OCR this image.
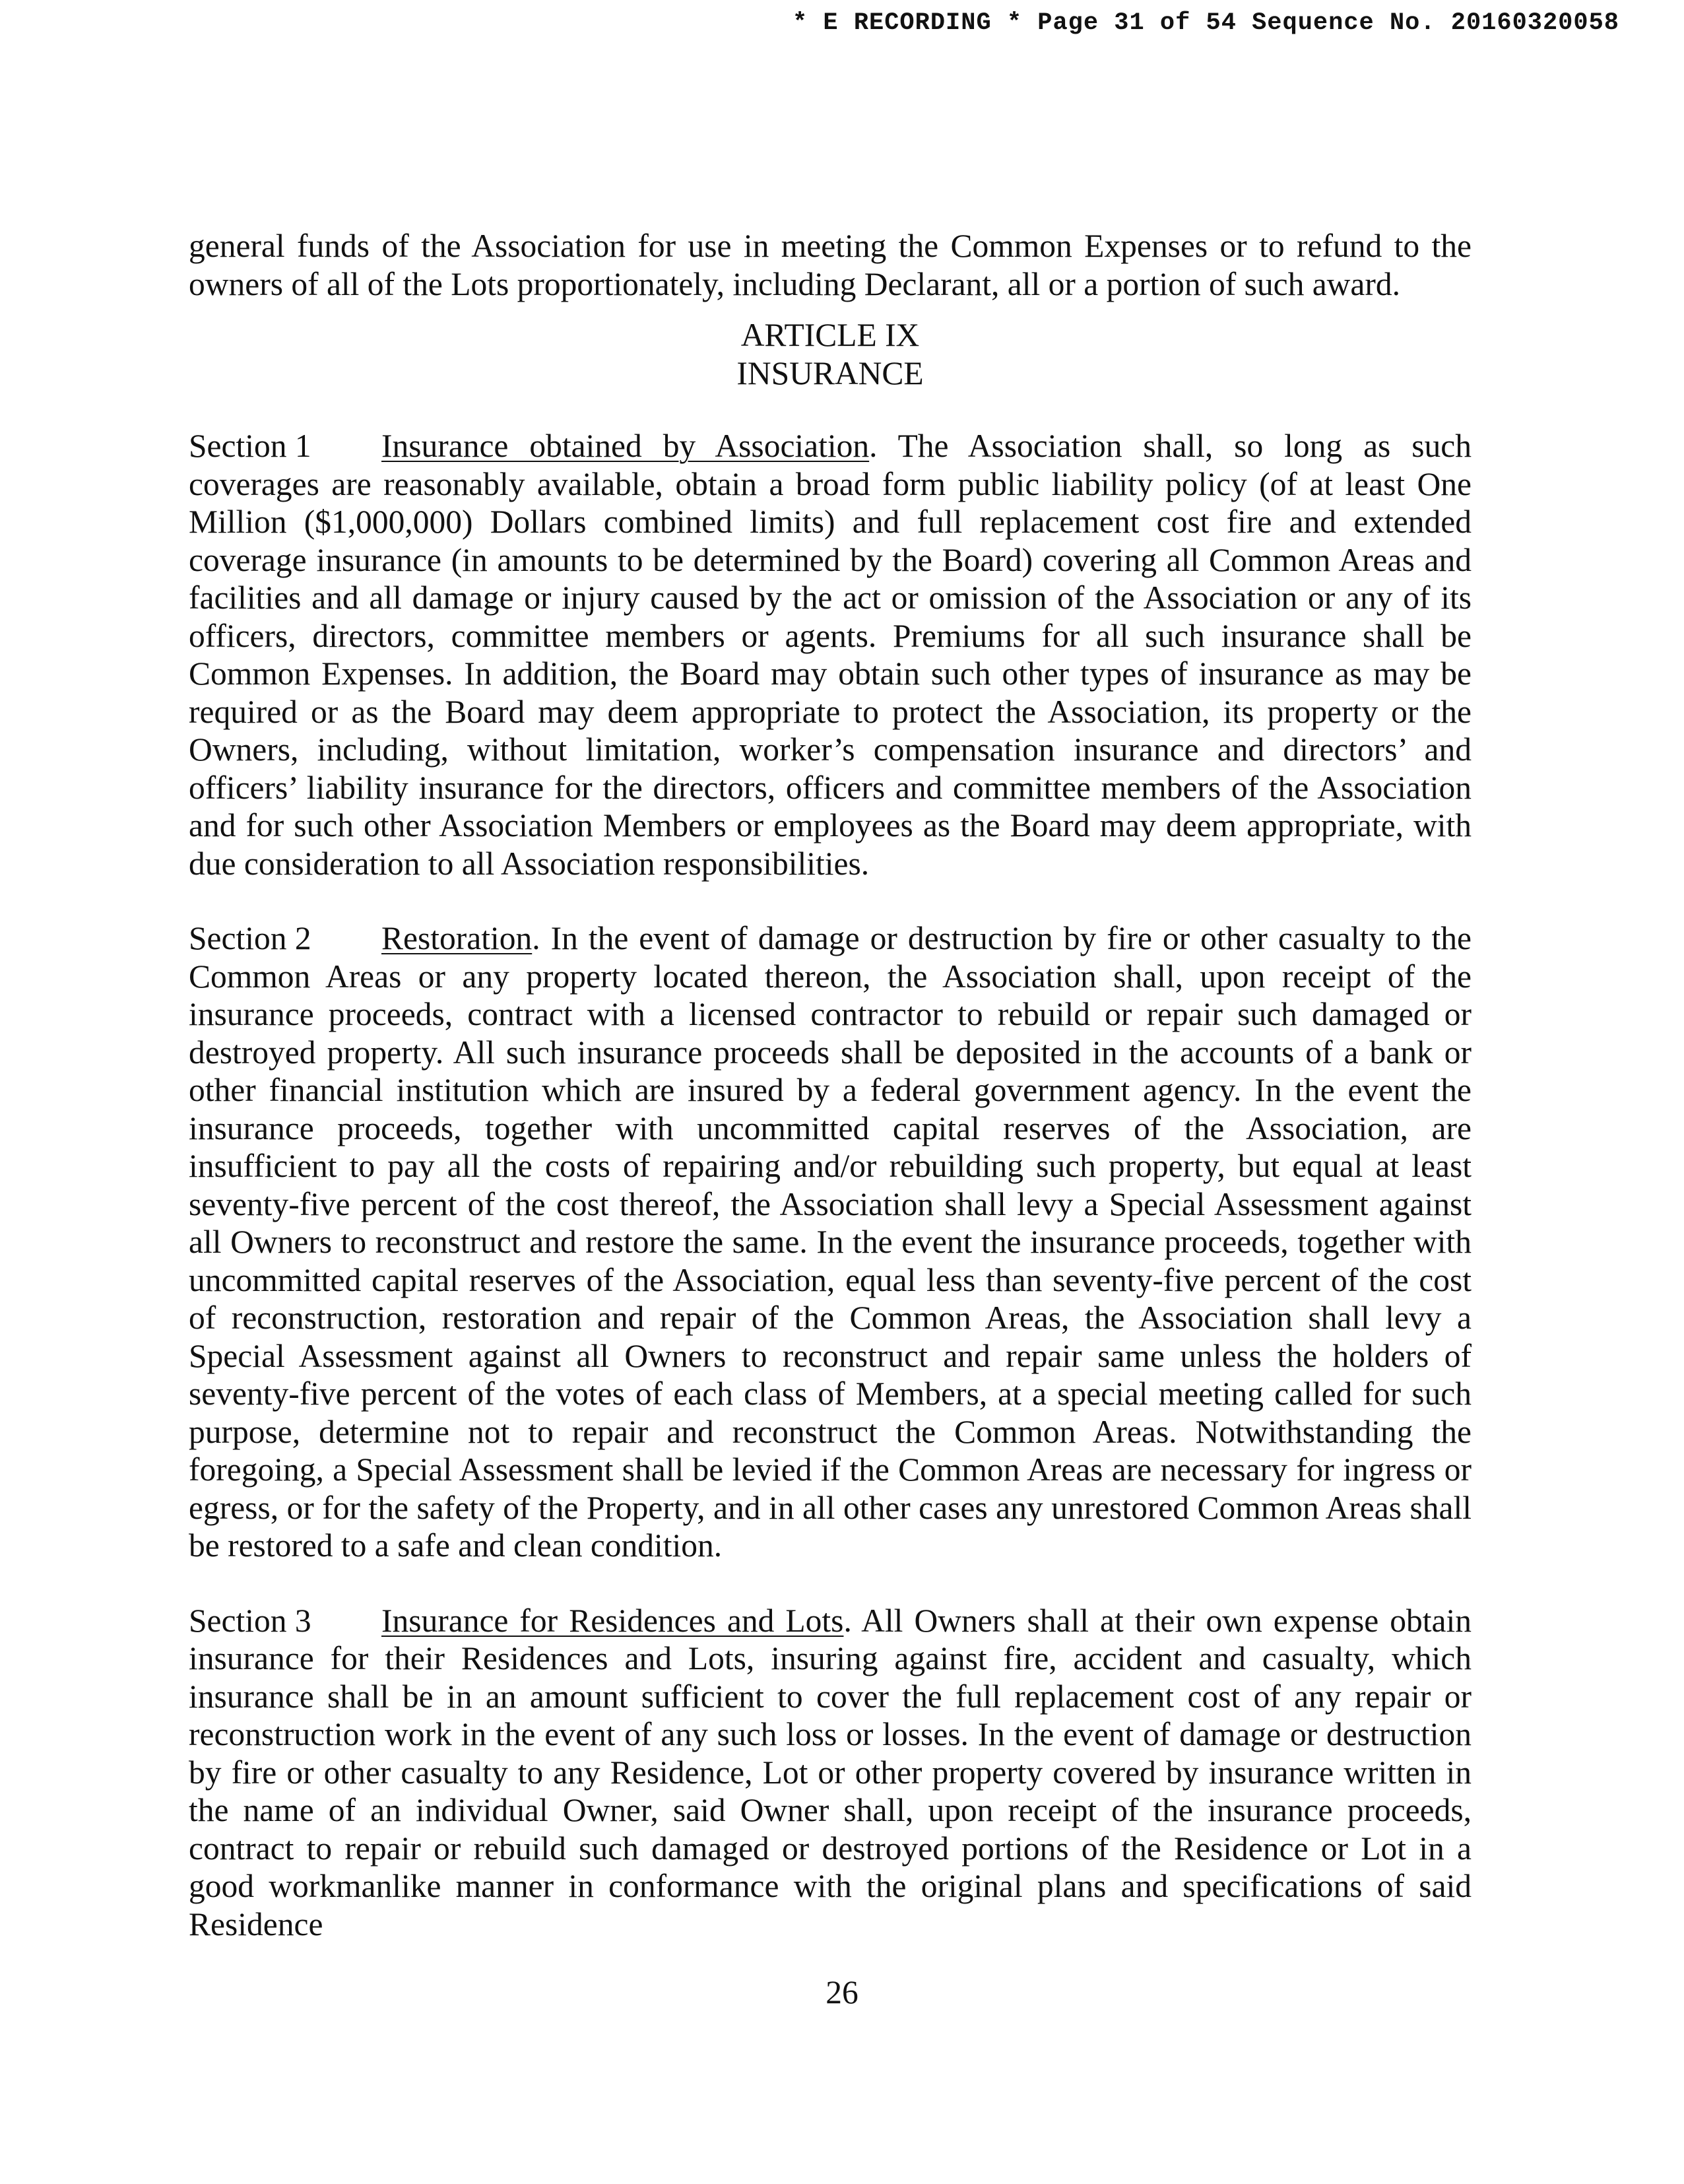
* E RECORDING * Page 31 of 54 Sequence No. 20160320058

general funds of the Association for use in meeting the Common Expenses or to refund to the owners of all of the Lots proportionately, including Declarant, all or a portion of such award.

ARTICLE IX
INSURANCE

Section 1 Insurance obtained by Association. The Association shall, so long as such coverages are reasonably available, obtain a broad form public liability policy (of at least One Million ($1,000,000) Dollars combined limits) and full replacement cost fire and extended coverage insurance (in amounts to be determined by the Board) covering all Common Areas and facilities and all damage or injury caused by the act or omission of the Association or any of its officers, directors, committee members or agents. Premiums for all such insurance shall be Common Expenses. In addition, the Board may obtain such other types of insurance as may be required or as the Board may deem appropriate to protect the Association, its property or the Owners, including, without limitation, worker’s compensation insurance and directors’ and officers’ liability insurance for the directors, officers and committee members of the Association and for such other Association Members or employees as the Board may deem appropriate, with due consideration to all Association responsibilities.

Section 2 Restoration. In the event of damage or destruction by fire or other casualty to the Common Areas or any property located thereon, the Association shall, upon receipt of the insurance proceeds, contract with a licensed contractor to rebuild or repair such damaged or destroyed property. All such insurance proceeds shall be deposited in the accounts of a bank or other financial institution which are insured by a federal government agency. In the event the insurance proceeds, together with uncommitted capital reserves of the Association, are insufficient to pay all the costs of repairing and/or rebuilding such property, but equal at least seventy-five percent of the cost thereof, the Association shall levy a Special Assessment against all Owners to reconstruct and restore the same. In the event the insurance proceeds, together with uncommitted capital reserves of the Association, equal less than seventy-five percent of the cost of reconstruction, restoration and repair of the Common Areas, the Association shall levy a Special Assessment against all Owners to reconstruct and repair same unless the holders of seventy-five percent of the votes of each class of Members, at a special meeting called for such purpose, determine not to repair and reconstruct the Common Areas. Notwithstanding the foregoing, a Special Assessment shall be levied if the Common Areas are necessary for ingress or egress, or for the safety of the Property, and in all other cases any unrestored Common Areas shall be restored to a safe and clean condition.

Section 3 Insurance for Residences and Lots. All Owners shall at their own expense obtain insurance for their Residences and Lots, insuring against fire, accident and casualty, which insurance shall be in an amount sufficient to cover the full replacement cost of any repair or reconstruction work in the event of any such loss or losses. In the event of damage or destruction by fire or other casualty to any Residence, Lot or other property covered by insurance written in the name of an individual Owner, said Owner shall, upon receipt of the insurance proceeds, contract to repair or rebuild such damaged or destroyed portions of the Residence or Lot in a good workmanlike manner in conformance with the original plans and specifications of said Residence

26
